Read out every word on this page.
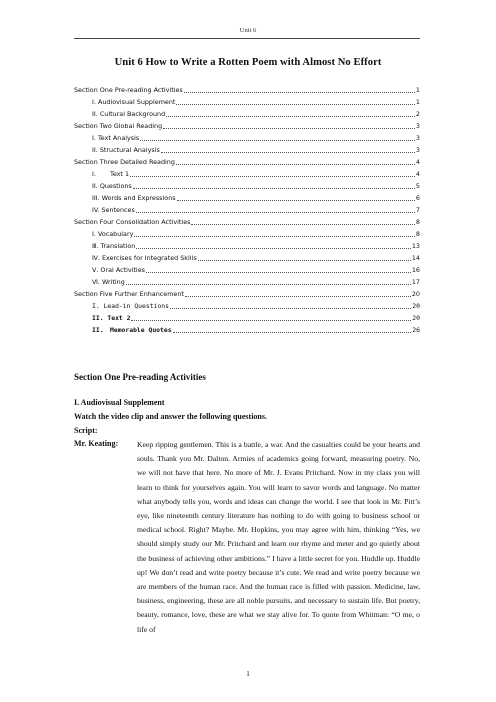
Unit 6
Unit 6 How to Write a Rotten Poem with Almost No Effort
Section One Pre-reading Activities	1
I. Audiovisual Supplement	1
II. Cultural Background	2
Section Two Global Reading	3
I. Text Analysis	3
II. Structural Analysis	3
Section Three Detailed Reading	4
I.	Text 1	4
II. Questions	5
III. Words and Expressions	6
IV. Sentences	7
Section Four Consolidation Activities	8
Ⅰ. Vocabulary	8
Ⅲ. Translation	13
Ⅳ. Exercises for Integrated Skills	14
Ⅴ. Oral Activities	16
Ⅵ. Writing	17
Section Five Further Enhancement	20
I. Lead-in Questions	20
II. Text 2	20
II.	Memorable Quotes	26
Section One Pre-reading Activities
I. Audiovisual Supplement
Watch the video clip and answer the following questions.
Script:
Mr. Keating: Keep ripping gentlemen. This is a battle, a war. And the casualties could be your hearts and souls. Thank you Mr. Dalton. Armies of academics going forward, measuring poetry. No, we will not have that here. No more of Mr. J. Evans Pritchard. Now in my class you will learn to think for yourselves again. You will learn to savor words and language. No matter what anybody tells you, words and ideas can change the world. I see that look in Mr. Pitt’s eye, like nineteenth century literature has nothing to do with going to business school or medical school. Right? Maybe. Mr. Hopkins, you may agree with him, thinking “Yes, we should simply study our Mr. Pritchard and learn our rhyme and meter and go quietly about the business of achieving other ambitions.” I have a little secret for you. Huddle up. Huddle up! We don’t read and write poetry because it’s cute. We read and write poetry because we are members of the human race. And the human race is filled with passion. Medicine, law, business, engineering, these are all noble pursuits, and necessary to sustain life. But poetry, beauty, romance, love, these are what we stay alive for. To quote from Whitman: “O me, o life of
1
